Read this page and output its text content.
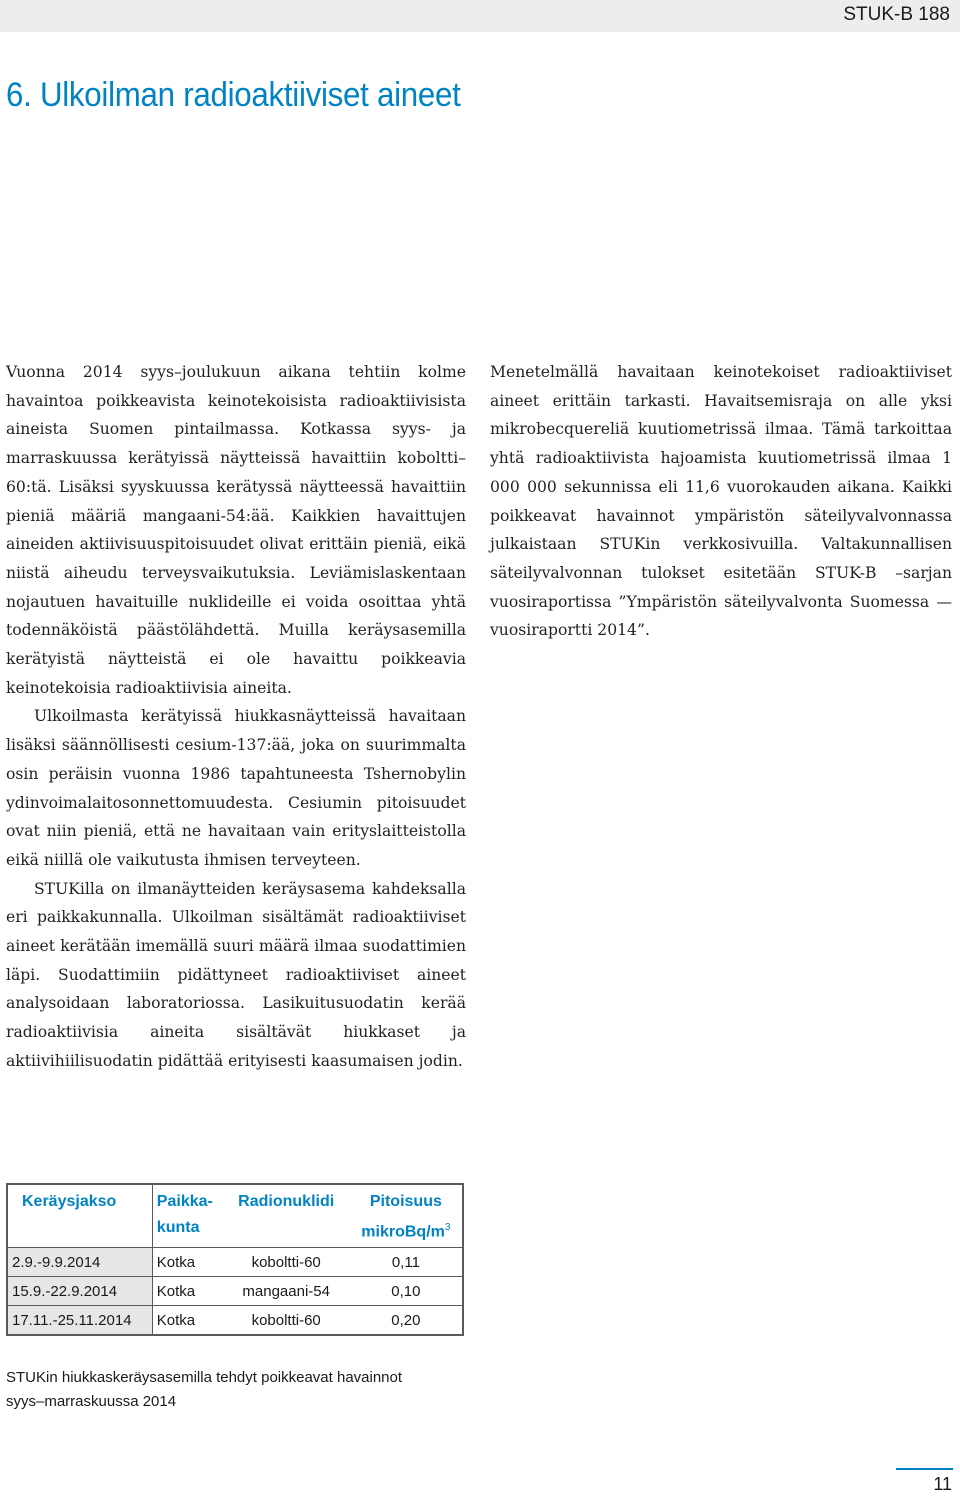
STUK-B 188
6. Ulkoilman radioaktiiviset aineet

Vuonna 2014 syys–joulukuun aikana tehtiin kolme havaintoa poikkeavista keinotekoisista radioaktiivisista aineista Suomen pintailmassa. Kotkassa syys- ja marraskuussa kerätyissä näytteissä havaittiin koboltti–60:tä. Lisäksi syyskuussa kerätyssä näytteessä havaittiin pieniä määriä mangaani-54:ää. Kaikkien havaittujen aineiden aktiivisuuspitoisuudet olivat erittäin pieniä, eikä niistä aiheudu terveysvaikutuksia. Leviämislaskentaan nojautuen havaituille nuklideille ei voida osoittaa yhtä todennäköistä päästölähdettä. Muilla keräysasemilla kerätyistä näytteistä ei ole havaittu poikkeavia keinotekoisia radioaktiivisia aineita.

Ulkoilmasta kerätyissä hiukkasnäytteissä havaitaan lisäksi säännöllisesti cesium-137:ää, joka on suurimmalta osin peräisin vuonna 1986 tapahtuneesta Tshernobylin ydinvoimalaitosonnettomuudesta. Cesiumin pitoisuudet ovat niin pieniä, että ne havaitaan vain erityslaitteistolla eikä niillä ole vaikutusta ihmisen terveyteen.

STUKilla on ilmanäytteiden keräysasema kahdeksalla eri paikkakunnalla. Ulkoilman sisältämät radioaktiiviset aineet kerätään imemällä suuri määrä ilmaa suodattimien läpi. Suodattimiin pidättyneet radioaktiiviset aineet analysoidaan laboratoriossa. Lasikuitusuodatin kerää radioaktiivisia aineita sisältävät hiukkaset ja aktiivihiilisuodatin pidättää erityisesti kaasumaisen jodin.

Menetelmällä havaitaan keinotekoiset radioaktiiviset aineet erittäin tarkasti. Havaitsemisraja on alle yksi mikrobecquereliä kuutiometrissä ilmaa. Tämä tarkoittaa yhtä radioaktiivista hajoamista kuutiometrissä ilmaa 1 000 000 sekunnissa eli 11,6 vuorokauden aikana. Kaikki poikkeavat havainnot ympäristön säteilyvalvonnassa julkaistaan STUKin verkkosivuilla. Valtakunnallisen säteilyvalvonnan tulokset esitetään STUK-B –sarjan vuosiraportissa ”Ympäristön säteilyvalvonta Suomessa — vuosiraportti 2014”.

Keräysjakso	Paikka-kunta	Radionuklidi	Pitoisuus mikroBq/$m^3$
2.9.-9.9.2014	Kotka	koboltti-60	0,11
15.9.-22.9.2014	Kotka	mangaani-54	0,10
17.11.-25.11.2014	Kotka	koboltti-60	0,20
STUKin hiukkaskeräysasemilla tehdyt poikkeavat havainnot
syys–marraskuussa 2014
11
